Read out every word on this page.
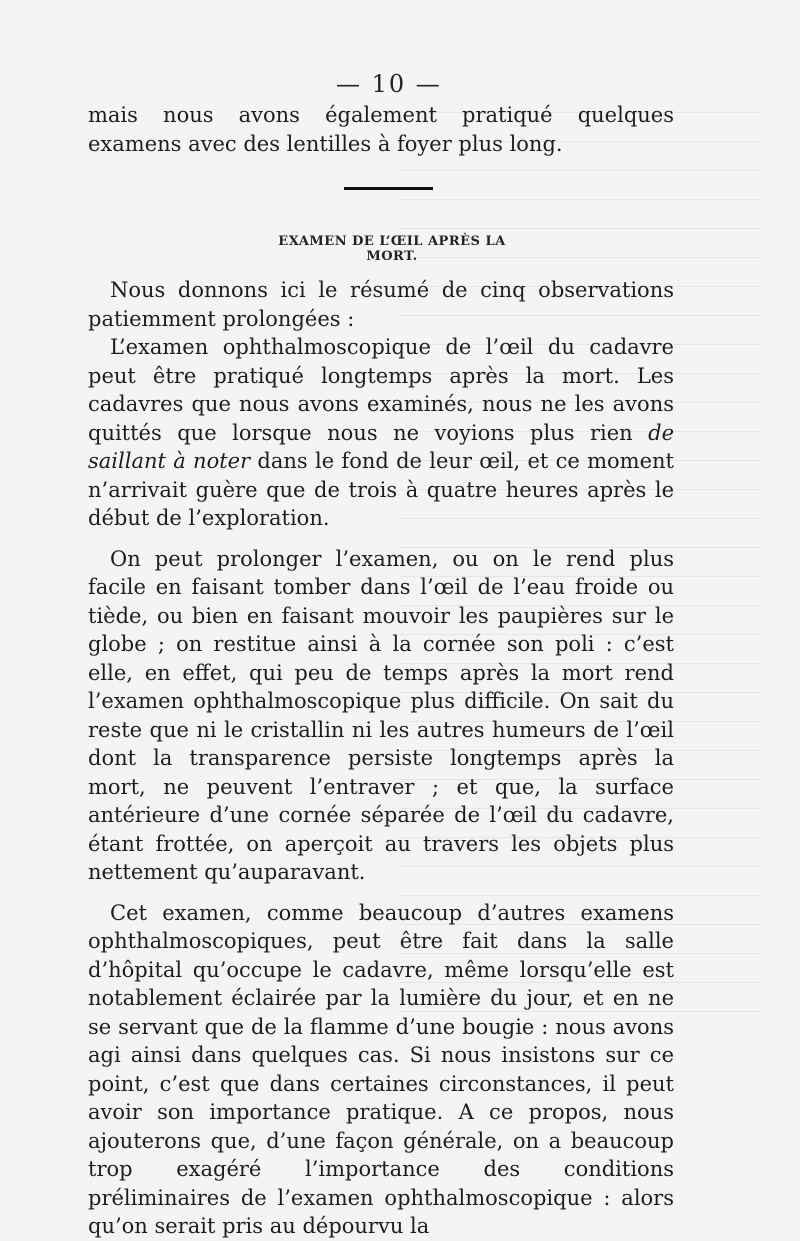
— 10 —

mais nous avons également pratiqué quelques examens avec des lentilles à foyer plus long.

EXAMEN DE L’ŒIL APRÈS LA MORT.

Nous donnons ici le résumé de cinq observations patiemment prolongées :

L’examen ophthalmoscopique de l’œil du cadavre peut être pratiqué longtemps après la mort. Les cadavres que nous avons examinés, nous ne les avons quittés que lorsque nous ne voyions plus rien de saillant à noter dans le fond de leur œil, et ce moment n’arrivait guère que de trois à quatre heures après le début de l’exploration.

On peut prolonger l’examen, ou on le rend plus facile en faisant tomber dans l’œil de l’eau froide ou tiède, ou bien en faisant mouvoir les paupières sur le globe ; on restitue ainsi à la cornée son poli : c’est elle, en effet, qui peu de temps après la mort rend l’examen ophthalmoscopique plus difficile. On sait du reste que ni le cristallin ni les autres humeurs de l’œil dont la transparence persiste longtemps après la mort, ne peuvent l’entraver ; et que, la surface antérieure d’une cornée séparée de l’œil du cadavre, étant frottée, on aperçoit au travers les objets plus nettement qu’auparavant.

Cet examen, comme beaucoup d’autres examens ophthalmoscopiques, peut être fait dans la salle d’hôpital qu’occupe le cadavre, même lorsqu’elle est notablement éclairée par la lumière du jour, et en ne se servant que de la flamme d’une bougie : nous avons agi ainsi dans quelques cas. Si nous insistons sur ce point, c’est que dans certaines circonstances, il peut avoir son importance pratique. A ce propos, nous ajouterons que, d’une façon générale, on a beaucoup trop exagéré l’importance des conditions préliminaires de l’examen ophthalmoscopique : alors qu’on serait pris au dépourvu la
